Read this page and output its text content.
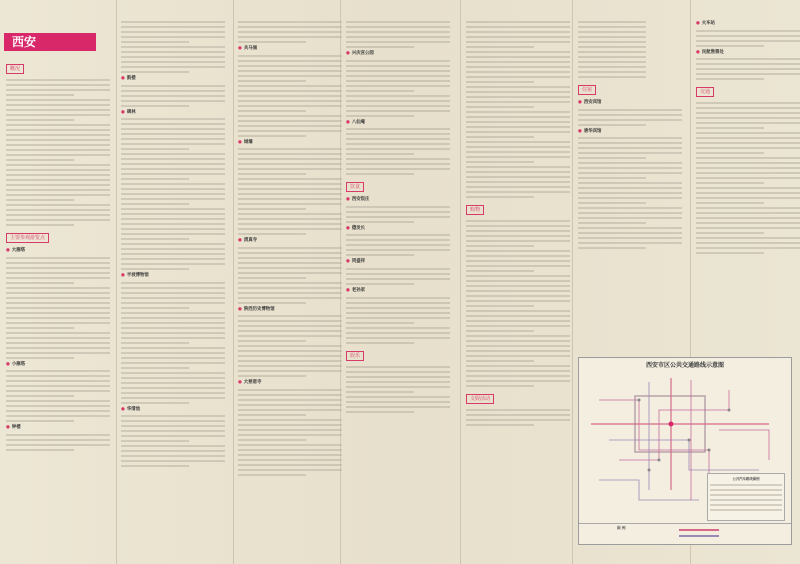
西安
概况
主要参观游览点
● 大雁塔
● 小雁塔
● 钟楼
● 鼓楼
● 碑林
● 半坡博物馆
● 华清池
● 兵马俑
● 城墙
● 清真寺
● 陕西历史博物馆
● 大慈恩寺
● 兴庆宫公园
● 八仙庵
饮食
● 西安饭庄
● 德发长
● 同盛祥
● 老孙家
娱乐
购物
文娱活动
住宿
● 西安宾馆
● 唐华宾馆
● 火车站
● 民航售票处
交通
西安市区公共交通路线示意图
公共汽车路线图例
图 例
